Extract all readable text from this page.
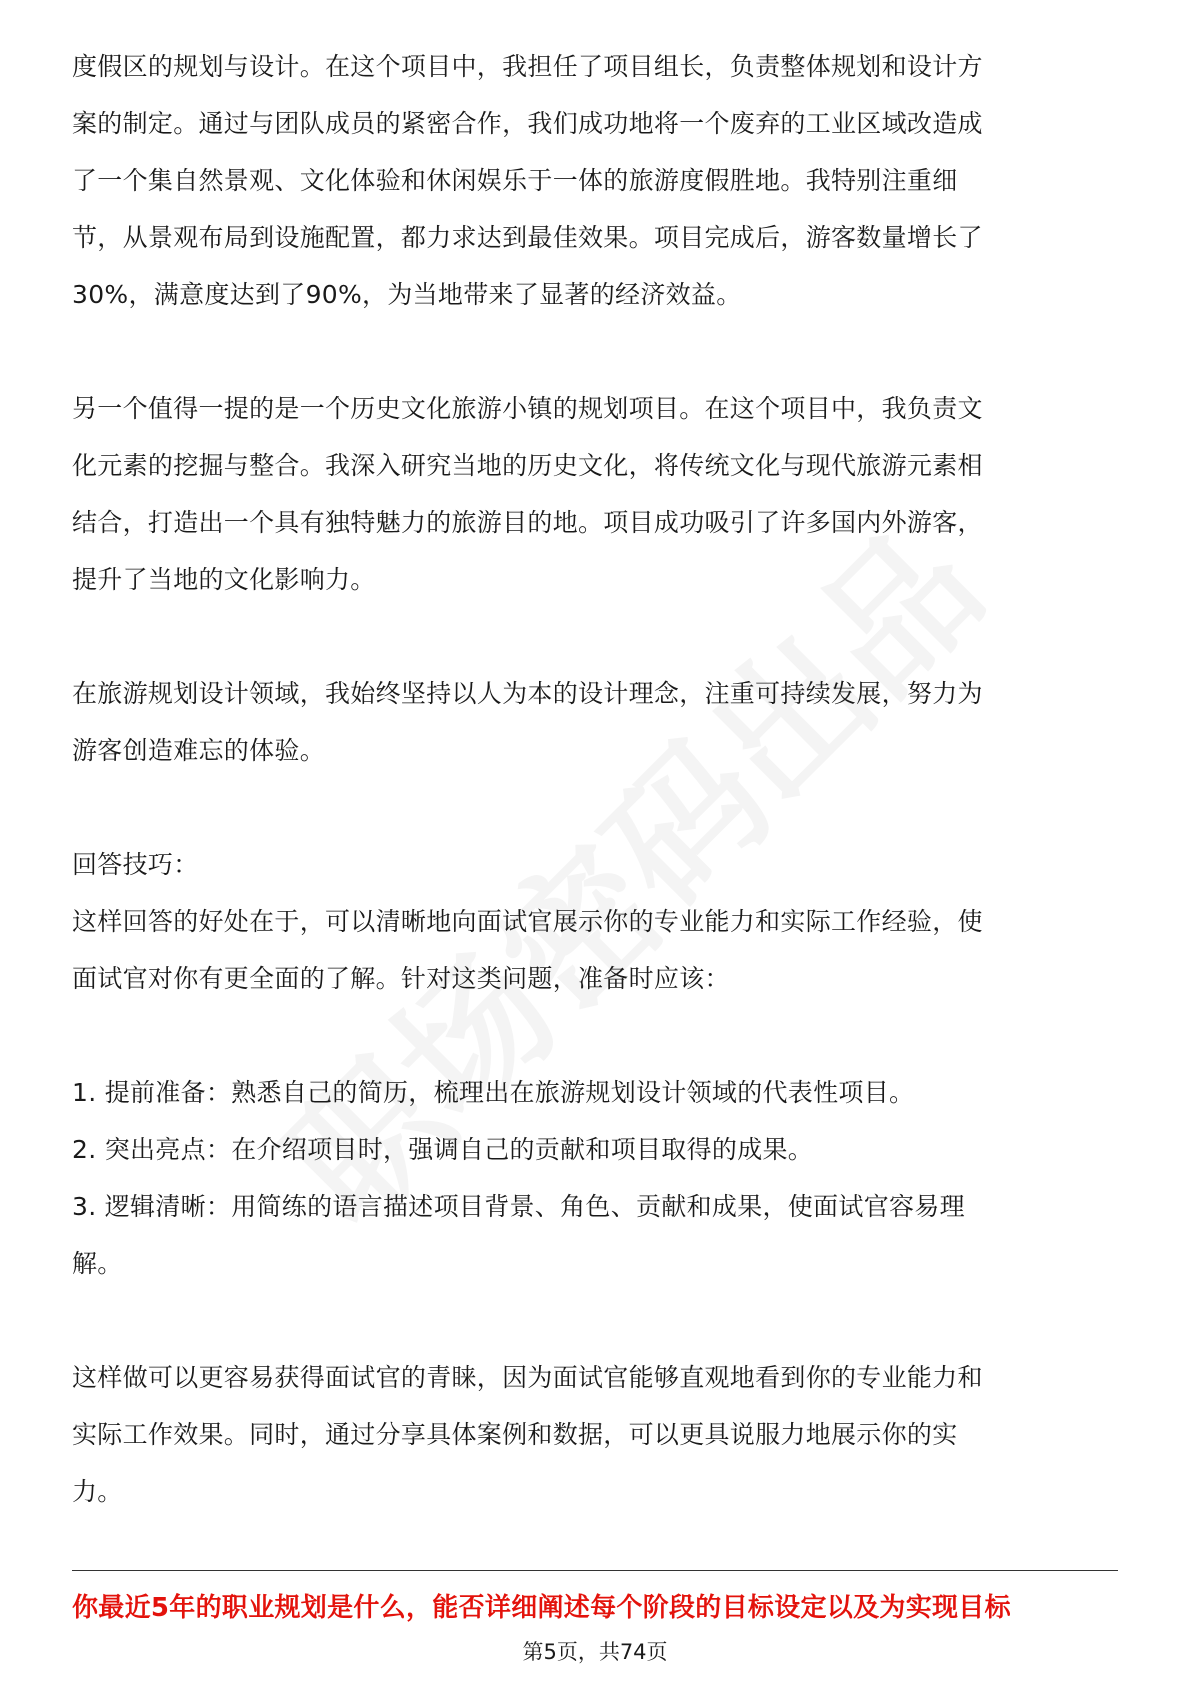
度假区的规划与设计。在这个项目中，我担任了项目组长，负责整体规划和设计方

案的制定。通过与团队成员的紧密合作，我们成功地将一个废弃的工业区域改造成

了一个集自然景观、文化体验和休闲娱乐于一体的旅游度假胜地。我特别注重细

节，从景观布局到设施配置，都力求达到最佳效果。项目完成后，游客数量增长了

30%，满意度达到了90%，为当地带来了显著的经济效益。

另一个值得一提的是一个历史文化旅游小镇的规划项目。在这个项目中，我负责文

化元素的挖掘与整合。我深入研究当地的历史文化，将传统文化与现代旅游元素相

结合，打造出一个具有独特魅力的旅游目的地。项目成功吸引了许多国内外游客，

提升了当地的文化影响力。

在旅游规划设计领域，我始终坚持以人为本的设计理念，注重可持续发展，努力为

游客创造难忘的体验。

回答技巧：

这样回答的好处在于，可以清晰地向面试官展示你的专业能力和实际工作经验，使

面试官对你有更全面的了解。针对这类问题，准备时应该：

1. 提前准备：熟悉自己的简历，梳理出在旅游规划设计领域的代表性项目。

2. 突出亮点：在介绍项目时，强调自己的贡献和项目取得的成果。

3. 逻辑清晰：用简练的语言描述项目背景、角色、贡献和成果，使面试官容易理

解。

这样做可以更容易获得面试官的青睐，因为面试官能够直观地看到你的专业能力和

实际工作效果。同时，通过分享具体案例和数据，可以更具说服力地展示你的实

力。

你最近5年的职业规划是什么，能否详细阐述每个阶段的目标设定以及为实现目标
第5页，共74页
